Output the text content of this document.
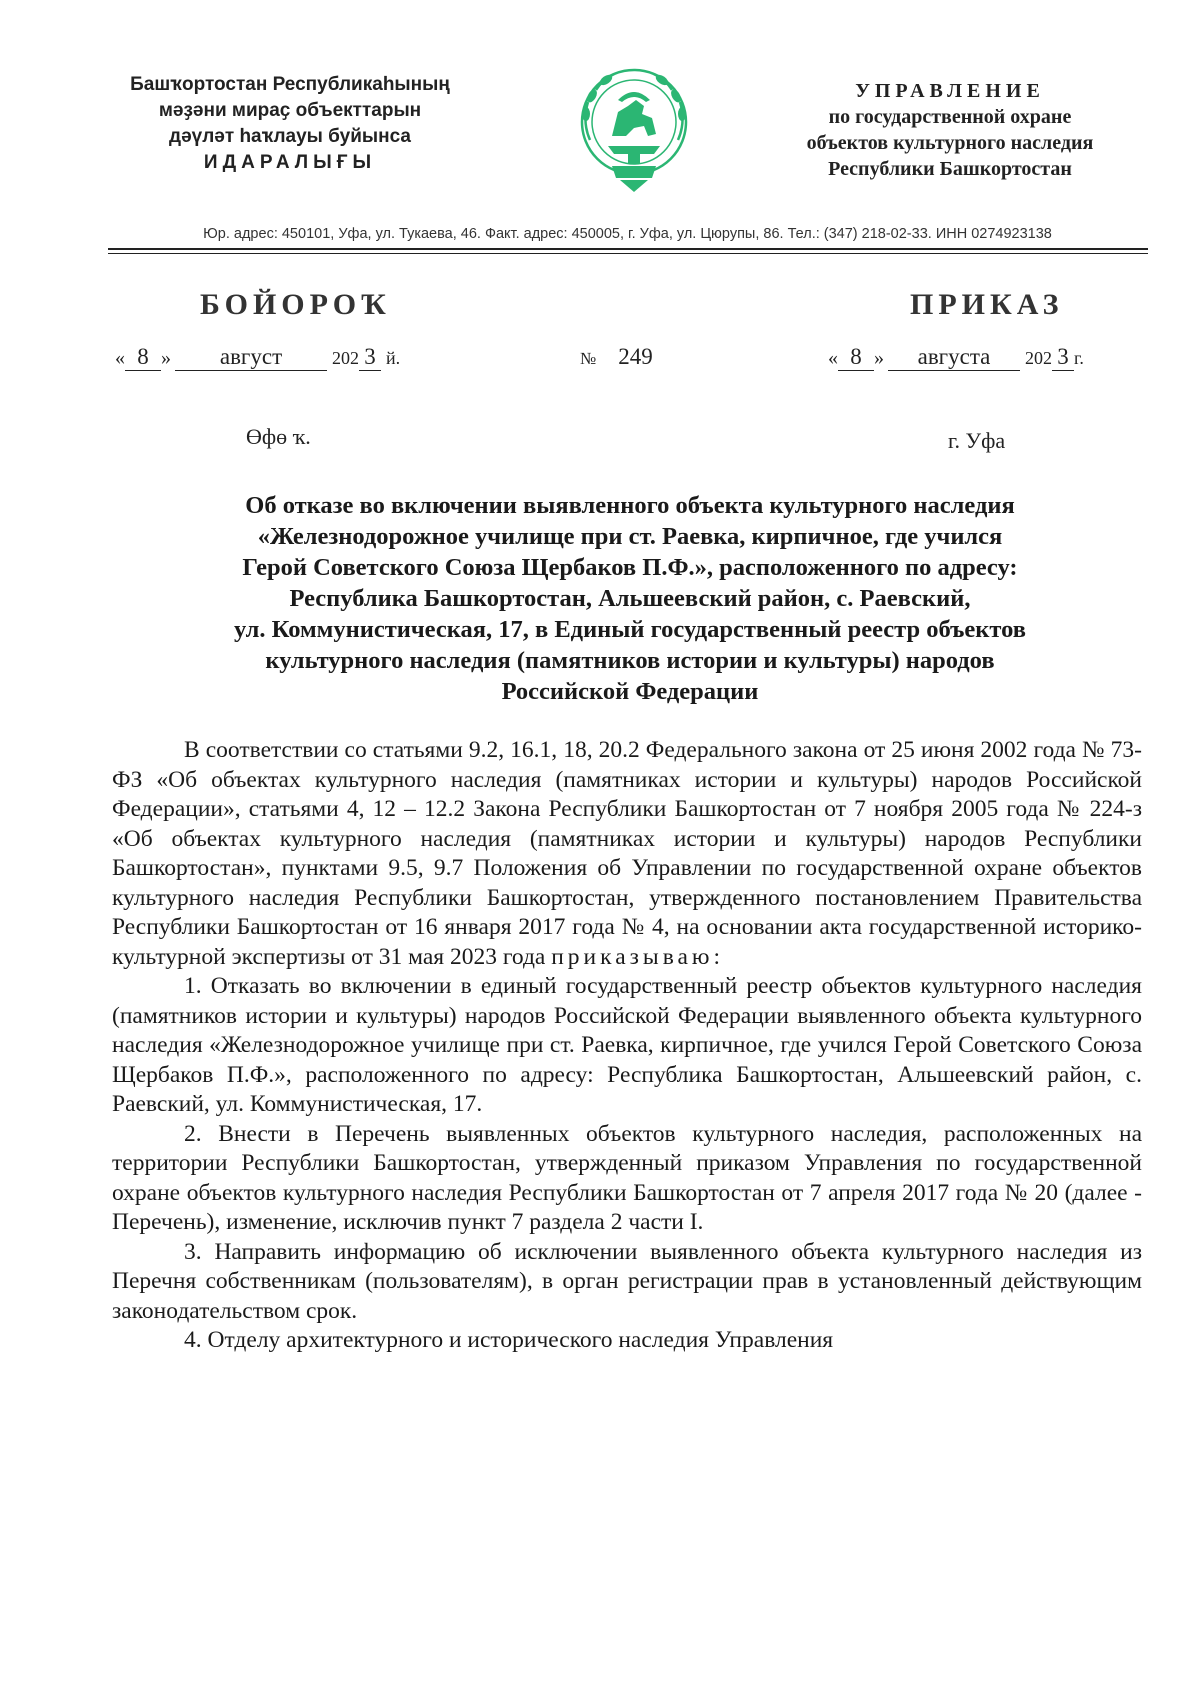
Башҡортостан Республикаһының
мәҙәни мираҫ объекттарын
дәүләт һаҡлауы буйынса
ИДАРАЛЫҒЫ
УПРАВЛЕНИЕ
по государственной охране
объектов культурного наследия
Республики Башкортостан
Юр. адрес: 450101, Уфа, ул. Тукаева, 46. Факт. адрес: 450005, г. Уфа, ул. Цюрупы, 86. Тел.: (347) 218-02-33. ИНН 0274923138
БОЙОРОҠ	ПРИКАЗ
« 8 » август	202 3 й.	№ 249	« 8 » августа 202 3 г.
Өфө ҡ.	г. Уфа
Об отказе во включении выявленного объекта культурного наследия
«Железнодорожное училище при ст. Раевка, кирпичное, где учился
Герой Советского Союза Щербаков П.Ф.», расположенного по адресу:
Республика Башкортостан, Альшеевский район, с. Раевский,
ул. Коммунистическая, 17, в Единый государственный реестр объектов
культурного наследия (памятников истории и культуры) народов
Российской Федерации

В соответствии со статьями 9.2, 16.1, 18, 20.2 Федерального закона от 25 июня 2002 года № 73-ФЗ «Об объектах культурного наследия (памятниках истории и культуры) народов Российской Федерации», статьями 4, 12 – 12.2 Закона Республики Башкортостан от 7 ноября 2005 года № 224-з «Об объектах культурного наследия (памятниках истории и культуры) народов Республики Башкортостан», пунктами 9.5, 9.7 Положения об Управлении по государственной охране объектов культурного наследия Республики Башкортостан, утвержденного постановлением Правительства Республики Башкортостан от 16 января 2017 года № 4, на основании акта государственной историко-культурной экспертизы от 31 мая 2023 года приказываю:

1. Отказать во включении в единый государственный реестр объектов культурного наследия (памятников истории и культуры) народов Российской Федерации выявленного объекта культурного наследия «Железнодорожное училище при ст. Раевка, кирпичное, где учился Герой Советского Союза Щербаков П.Ф.», расположенного по адресу: Республика Башкортостан, Альшеевский район, с. Раевский, ул. Коммунистическая, 17.

2. Внести в Перечень выявленных объектов культурного наследия, расположенных на территории Республики Башкортостан, утвержденный приказом Управления по государственной охране объектов культурного наследия Республики Башкортостан от 7 апреля 2017 года № 20 (далее - Перечень), изменение, исключив пункт 7 раздела 2 части I.

3. Направить информацию об исключении выявленного объекта культурного наследия из Перечня собственникам (пользователям), в орган регистрации прав в установленный действующим законодательством срок.

4. Отделу архитектурного и исторического наследия Управления
